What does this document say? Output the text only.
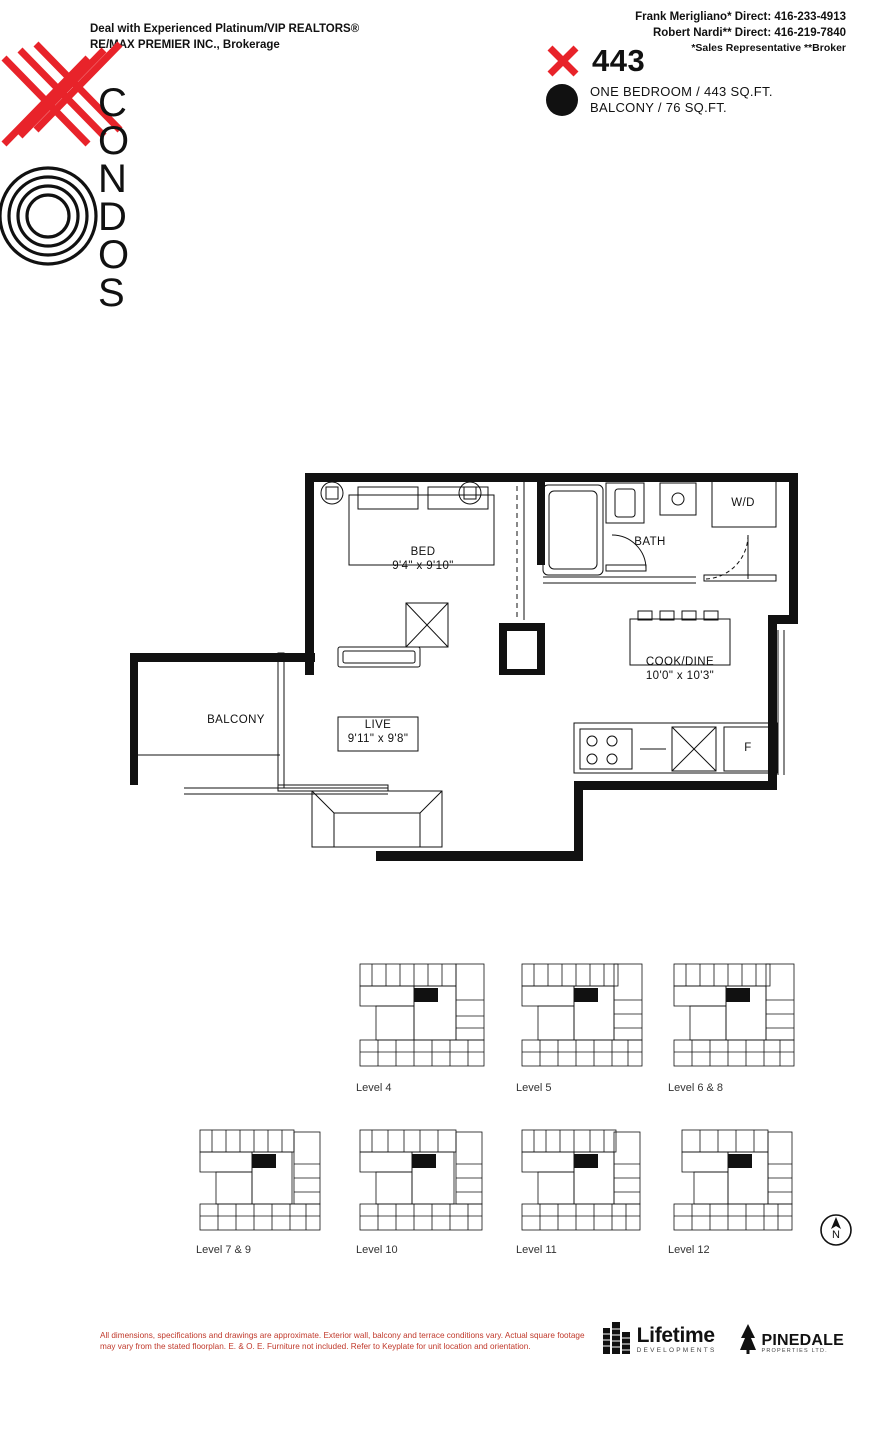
Deal with Experienced Platinum/VIP REALTORS®
RE/MAX PREMIER INC., Brokerage
Frank Merigliano* Direct: 416-233-4913
Robert Nardi** Direct: 416-219-7840
*Sales Representative **Broker
C
O
N
D
O
S
443
ONE BEDROOM / 443 SQ.FT.
BALCONY / 76 SQ.FT.
BED
9'4" x 9'10"
BATH
W/D
COOK/DINE
10'0" x 10'3"
LIVE
9'11" x 9'8"
BALCONY
F
Level 4	Level 5	Level 6 & 8
Level 7 & 9	Level 10	Level 11	Level 12
N
All dimensions, specifications and drawings are approximate. Exterior wall, balcony and terrace conditions vary. Actual square footage
may vary from the stated floorplan. E. & O. E. Furniture not included. Refer to Keyplate for unit location and orientation.	Lifetime
DEVELOPMENTS
PINEDALE
PROPERTIES LTD.
